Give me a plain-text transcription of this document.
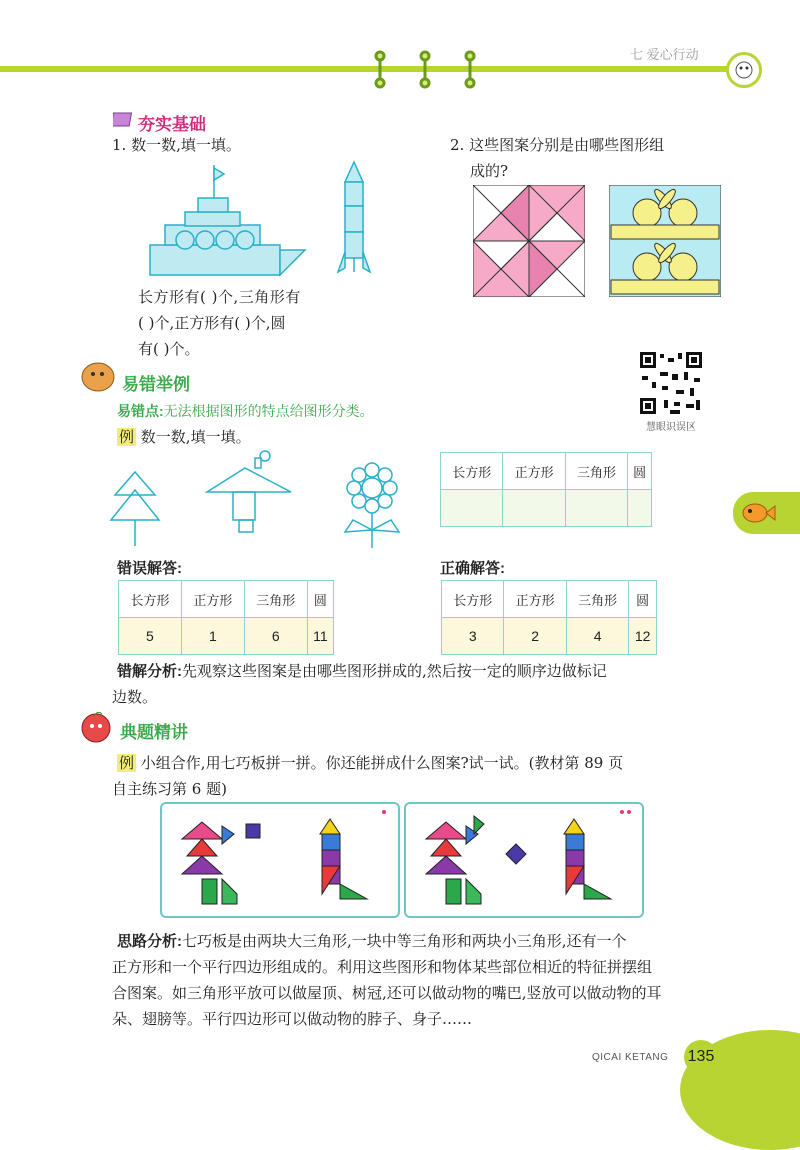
七 爱心行动
夯实基础
1. 数一数,填一填。
长方形有( )个,三角形有
( )个,正方形有( )个,圆
有( )个。
2. 这些图案分别是由哪些图形组
成的?
易错举例
慧眼识误区
易错点:无法根据图形的特点给图形分类。
例 数一数,填一填。
长方形	正方形	三角形	圆

错误解答:
长方形	正方形	三角形	圆
5	1	6	11
正确解答:
长方形	正方形	三角形	圆
3	2	4	12
错解分析:先观察这些图案是由哪些图形拼成的,然后按一定的顺序边做标记
边数。
典题精讲
例 小组合作,用七巧板拼一拼。你还能拼成什么图案?试一试。(教材第 89 页
自主练习第 6 题)
思路分析:七巧板是由两块大三角形,一块中等三角形和两块小三角形,还有一个
正方形和一个平行四边形组成的。利用这些图形和物体某些部位相近的特征拼摆组
合图案。如三角形平放可以做屋顶、树冠,还可以做动物的嘴巴,竖放可以做动物的耳
朵、翅膀等。平行四边形可以做动物的脖子、身子……
QICAI KETANG 135
